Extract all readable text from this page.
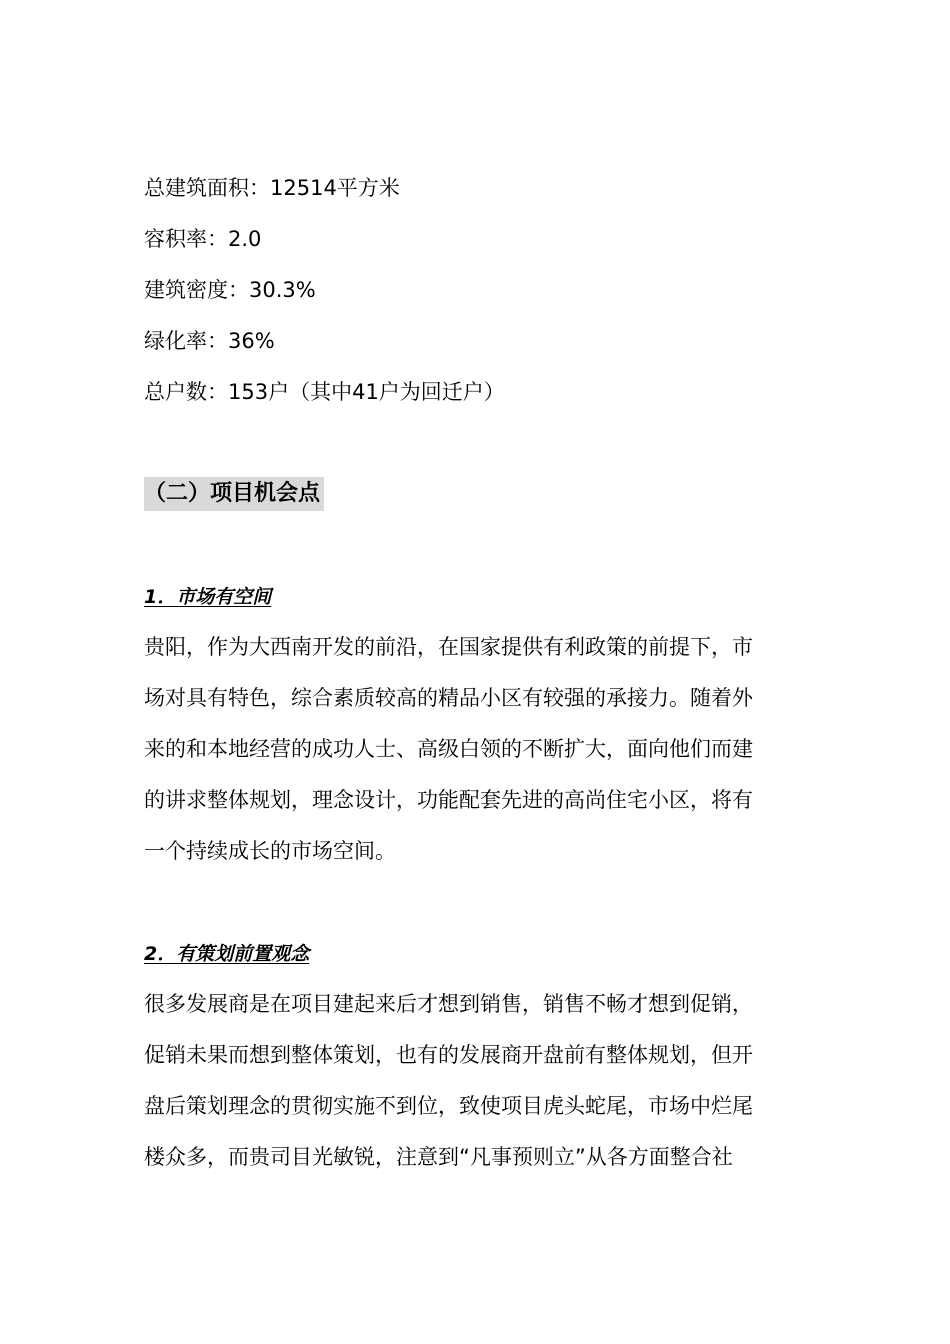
总建筑面积：12514平方米
容积率：2.0
建筑密度：30.3%
绿化率：36%
总户数：153户（其中41户为回迁户）
（二）项目机会点
1．市场有空间
贵阳，作为大西南开发的前沿，在国家提供有利政策的前提下，市
场对具有特色，综合素质较高的精品小区有较强的承接力。随着外
来的和本地经营的成功人士、高级白领的不断扩大，面向他们而建
的讲求整体规划，理念设计，功能配套先进的高尚住宅小区，将有
一个持续成长的市场空间。
2．有策划前置观念
很多发展商是在项目建起来后才想到销售，销售不畅才想到促销，
促销未果而想到整体策划，也有的发展商开盘前有整体规划，但开
盘后策划理念的贯彻实施不到位，致使项目虎头蛇尾，市场中烂尾
楼众多，而贵司目光敏锐，注意到“凡事预则立”从各方面整合社
